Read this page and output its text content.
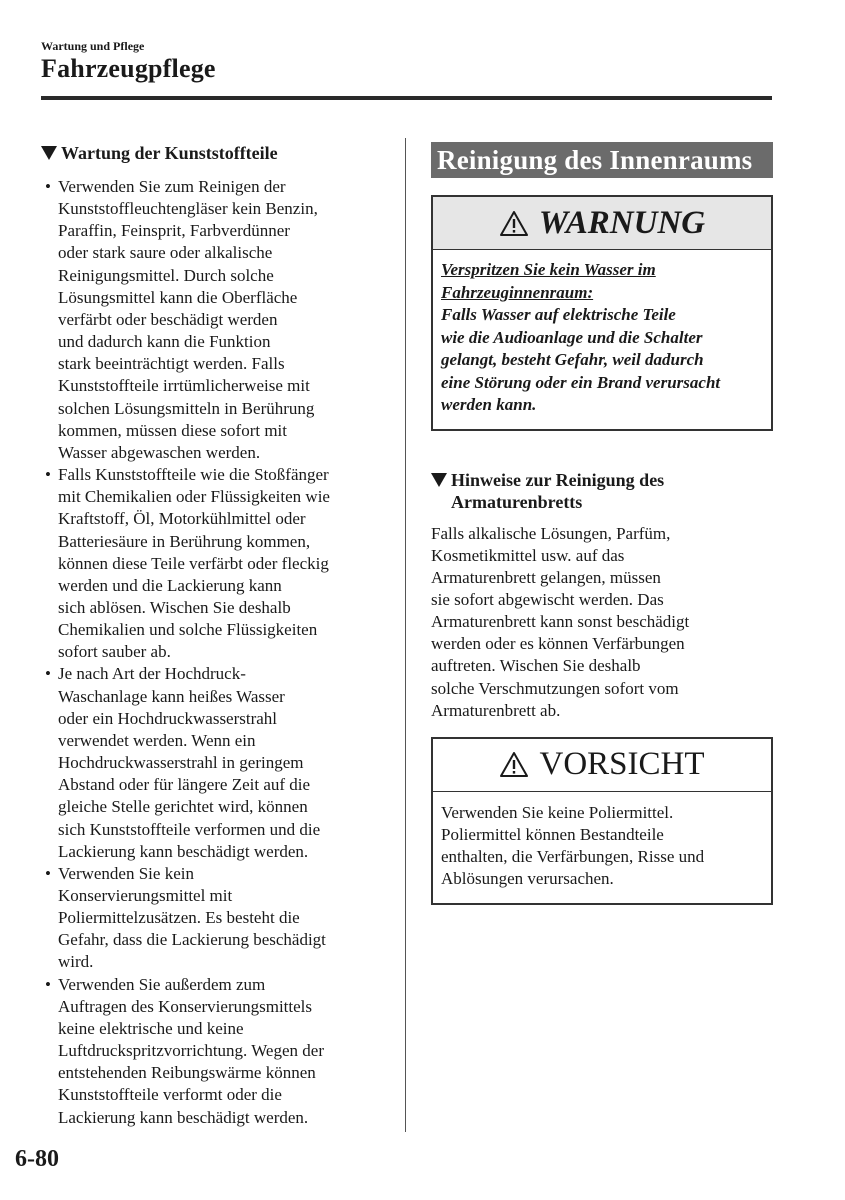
Wartung und Pflege
Fahrzeugpflege
Wartung der Kunststoffteile
• Verwenden Sie zum Reinigen der
Kunststoffleuchtengläser kein Benzin,
Paraffin, Feinsprit, Farbverdünner
oder stark saure oder alkalische
Reinigungsmittel. Durch solche
Lösungsmittel kann die Oberfläche
verfärbt oder beschädigt werden
und dadurch kann die Funktion
stark beeinträchtigt werden. Falls
Kunststoffteile irrtümlicherweise mit
solchen Lösungsmitteln in Berührung
kommen, müssen diese sofort mit
Wasser abgewaschen werden.
• Falls Kunststoffteile wie die Stoßfänger
mit Chemikalien oder Flüssigkeiten wie
Kraftstoff, Öl, Motorkühlmittel oder
Batteriesäure in Berührung kommen,
können diese Teile verfärbt oder fleckig
werden und die Lackierung kann
sich ablösen. Wischen Sie deshalb
Chemikalien und solche Flüssigkeiten
sofort sauber ab.
• Je nach Art der Hochdruck-
Waschanlage kann heißes Wasser
oder ein Hochdruckwasserstrahl
verwendet werden. Wenn ein
Hochdruckwasserstrahl in geringem
Abstand oder für längere Zeit auf die
gleiche Stelle gerichtet wird, können
sich Kunststoffteile verformen und die
Lackierung kann beschädigt werden.
• Verwenden Sie kein
Konservierungsmittel mit
Poliermittelzusätzen. Es besteht die
Gefahr, dass die Lackierung beschädigt
wird.
• Verwenden Sie außerdem zum
Auftragen des Konservierungsmittels
keine elektrische und keine
Luftdruckspritzvorrichtung. Wegen der
entstehenden Reibungswärme können
Kunststoffteile verformt oder die
Lackierung kann beschädigt werden.
Reinigung des Innenraums
WARNUNG
Verspritzen Sie kein Wasser im
Fahrzeuginnenraum:
Falls Wasser auf elektrische Teile
wie die Audioanlage und die Schalter
gelangt, besteht Gefahr, weil dadurch
eine Störung oder ein Brand verursacht
werden kann.
Hinweise zur Reinigung des
Armaturenbretts
Falls alkalische Lösungen, Parfüm,
Kosmetikmittel usw. auf das
Armaturenbrett gelangen, müssen
sie sofort abgewischt werden. Das
Armaturenbrett kann sonst beschädigt
werden oder es können Verfärbungen
auftreten. Wischen Sie deshalb
solche Verschmutzungen sofort vom
Armaturenbrett ab.
VORSICHT
Verwenden Sie keine Poliermittel.
Poliermittel können Bestandteile
enthalten, die Verfärbungen, Risse und
Ablösungen verursachen.
6-80
